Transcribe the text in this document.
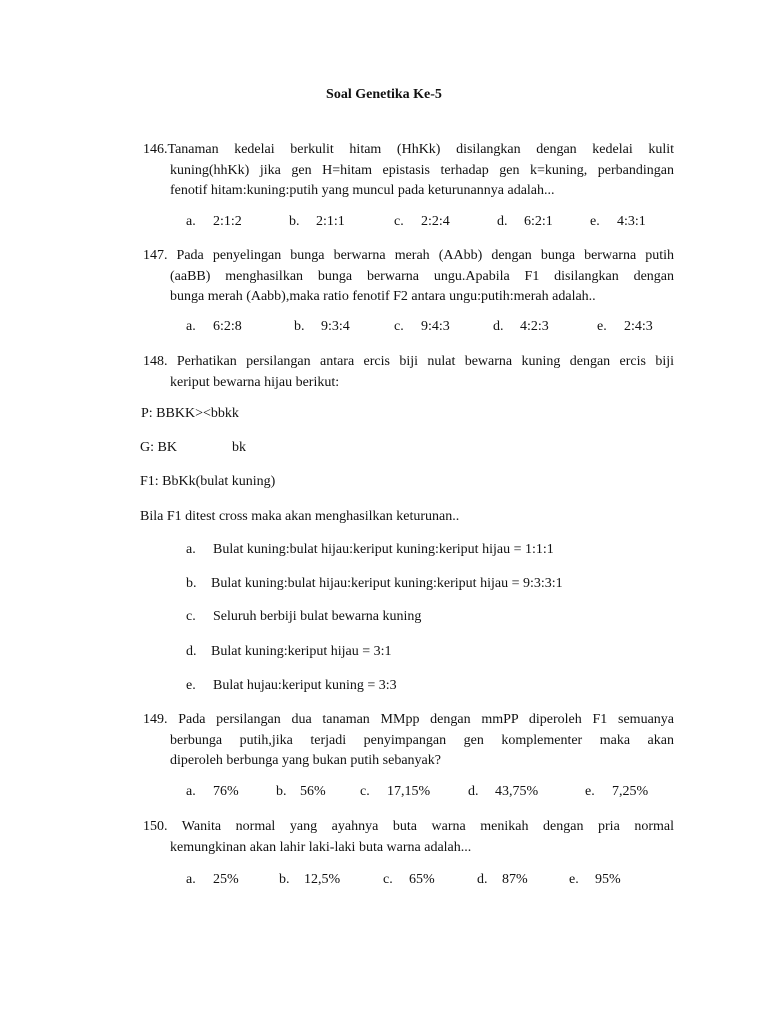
Soal Genetika Ke-5
146.Tanaman kedelai berkulit hitam (HhKk) disilangkan dengan kedelai kulit
kuning(hhKk) jika gen H=hitam epistasis terhadap gen k=kuning, perbandingan
fenotif hitam:kuning:putih yang muncul pada keturunannya adalah...
a. 2:1:2	b. 2:1:1	c. 2:2:4	d. 6:2:1	e. 4:3:1
147. Pada penyelingan bunga berwarna merah (AAbb) dengan bunga berwarna putih
(aaBB) menghasilkan bunga berwarna ungu.Apabila F1 disilangkan dengan
bunga merah (Aabb),maka ratio fenotif F2 antara ungu:putih:merah adalah..
a. 6:2:8	b. 9:3:4	c. 9:4:3	d. 4:2:3	e. 2:4:3
148. Perhatikan persilangan antara ercis biji nulat bewarna kuning dengan ercis biji
keriput bewarna hijau berikut:
P: BBKK><bbkk
G: BK	bk
F1: BbKk(bulat kuning)
Bila F1 ditest cross maka akan menghasilkan keturunan..
a. Bulat kuning:bulat hijau:keriput kuning:keriput hijau = 1:1:1
b. Bulat kuning:bulat hijau:keriput kuning:keriput hijau = 9:3:3:1
c. Seluruh berbiji bulat bewarna kuning
d. Bulat kuning:keriput hijau = 3:1
e. Bulat hujau:keriput kuning = 3:3
149. Pada persilangan dua tanaman MMpp dengan mmPP diperoleh F1 semuanya
berbunga putih,jika terjadi penyimpangan gen komplementer maka akan
diperoleh berbunga yang bukan putih sebanyak?
a. 76%	b. 56% c. 17,15%	d. 43,75%	e. 7,25%
150. Wanita normal yang ayahnya buta warna menikah dengan pria normal
kemungkinan akan lahir laki-laki buta warna adalah...
a. 25%	b. 12,5%	c. 65%	d. 87%	e. 95%
